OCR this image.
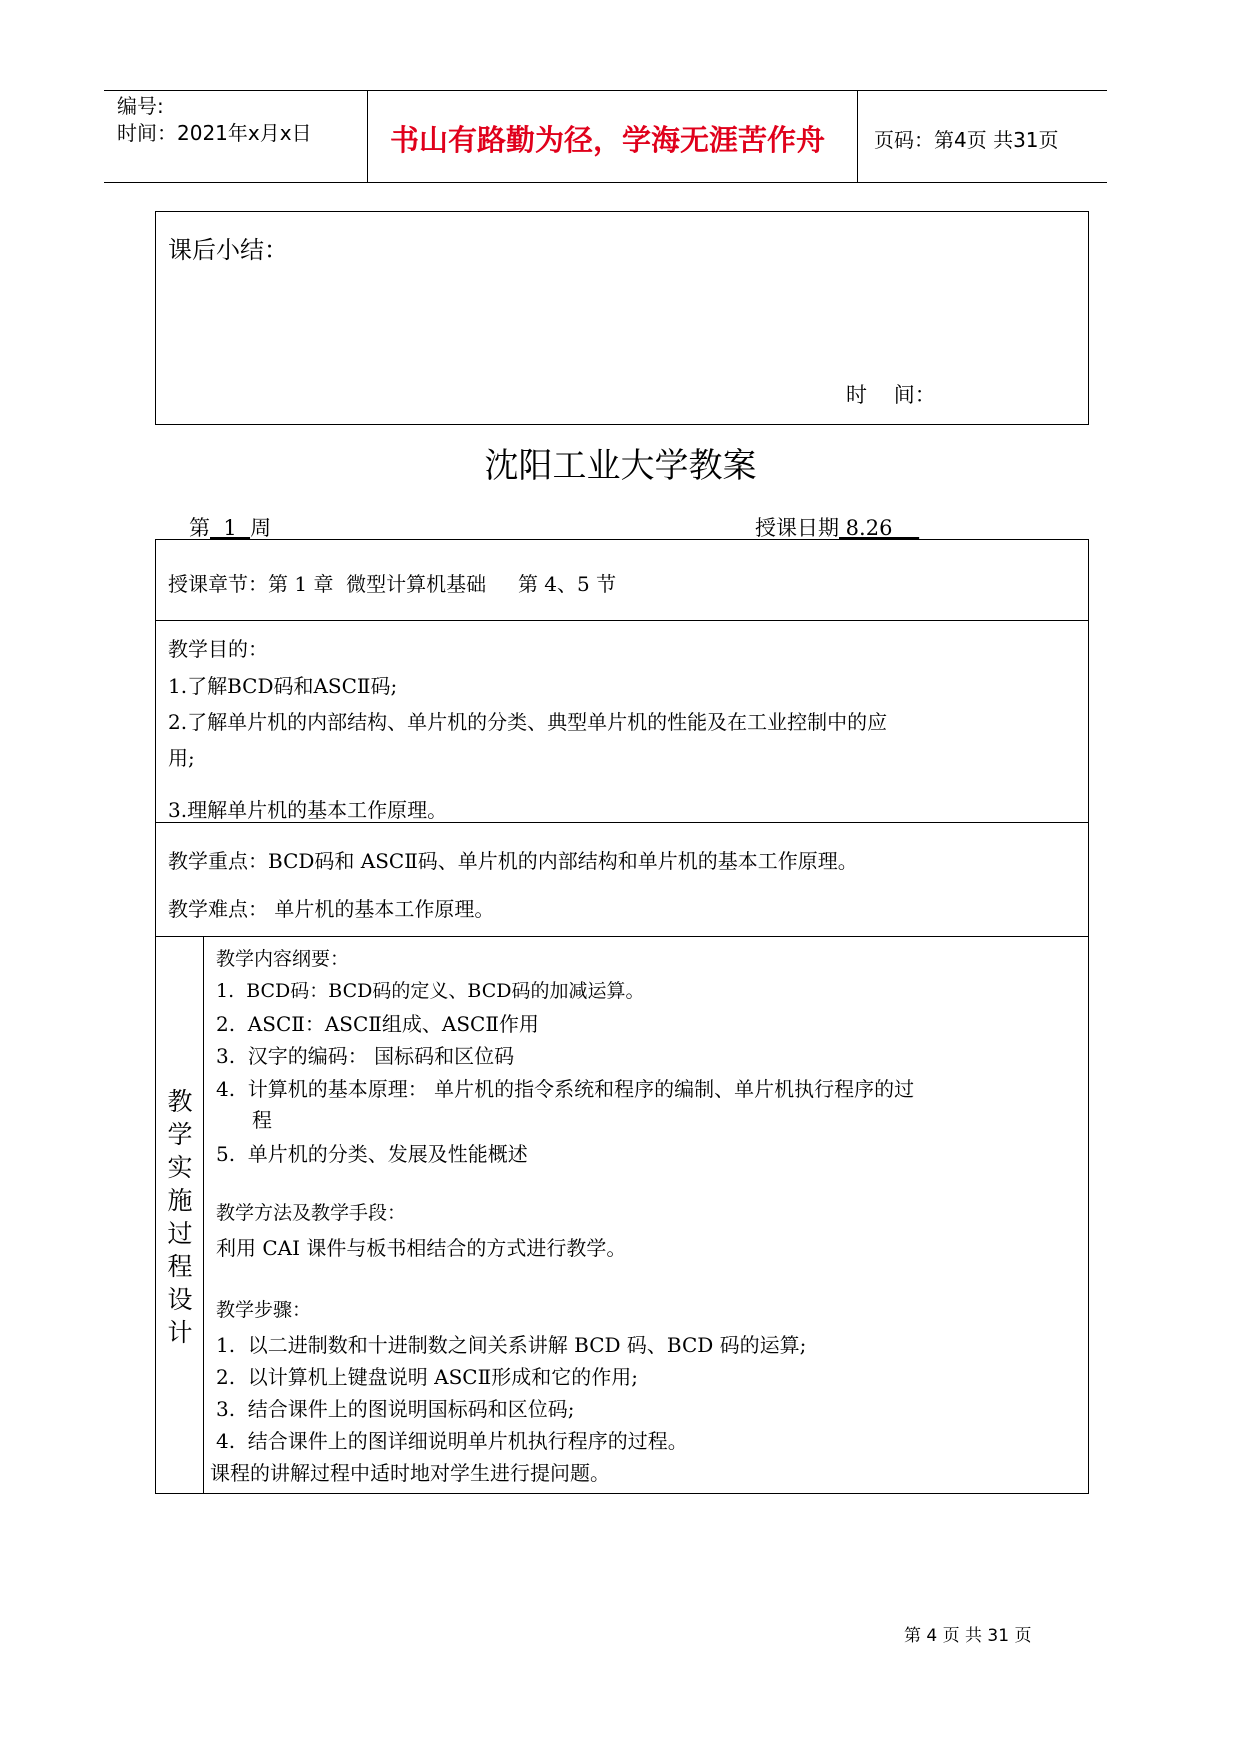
编号:
时间：2021年x月x日	书山有路勤为径，学海无涯苦作舟 页码：第4页 共31页
课后小结：
时    间：
沈阳工业大学教案
第  1  周	授课日期 8.26
授课章节：第 1 章  微型计算机基础     第 4、5 节
教学目的：
1.了解BCD码和ASCⅡ码;
2.了解单片机的内部结构、单片机的分类、典型单片机的性能及在工业控制中的应
用;
3.理解单片机的基本工作原理。
教学重点：BCD码和 ASCⅡ码、单片机的内部结构和单片机的基本工作原理。
教学难点： 单片机的基本工作原理。
教
学
实
施
过
程
设
计
教学内容纲要：
1.  BCD码：BCD码的定义、BCD码的加减运算。
2.  ASCⅡ：ASCⅡ组成、ASCⅡ作用
3.  汉字的编码： 国标码和区位码
4.  计算机的基本原理： 单片机的指令系统和程序的编制、单片机执行程序的过
程
5.  单片机的分类、发展及性能概述
教学方法及教学手段：
利用 CAI 课件与板书相结合的方式进行教学。
教学步骤：
1.  以二进制数和十进制数之间关系讲解 BCD 码、BCD 码的运算;
2.  以计算机上键盘说明 ASCⅡ形成和它的作用;
3.  结合课件上的图说明国标码和区位码;
4.  结合课件上的图详细说明单片机执行程序的过程。
课程的讲解过程中适时地对学生进行提问题。
第 4 页 共 31 页
